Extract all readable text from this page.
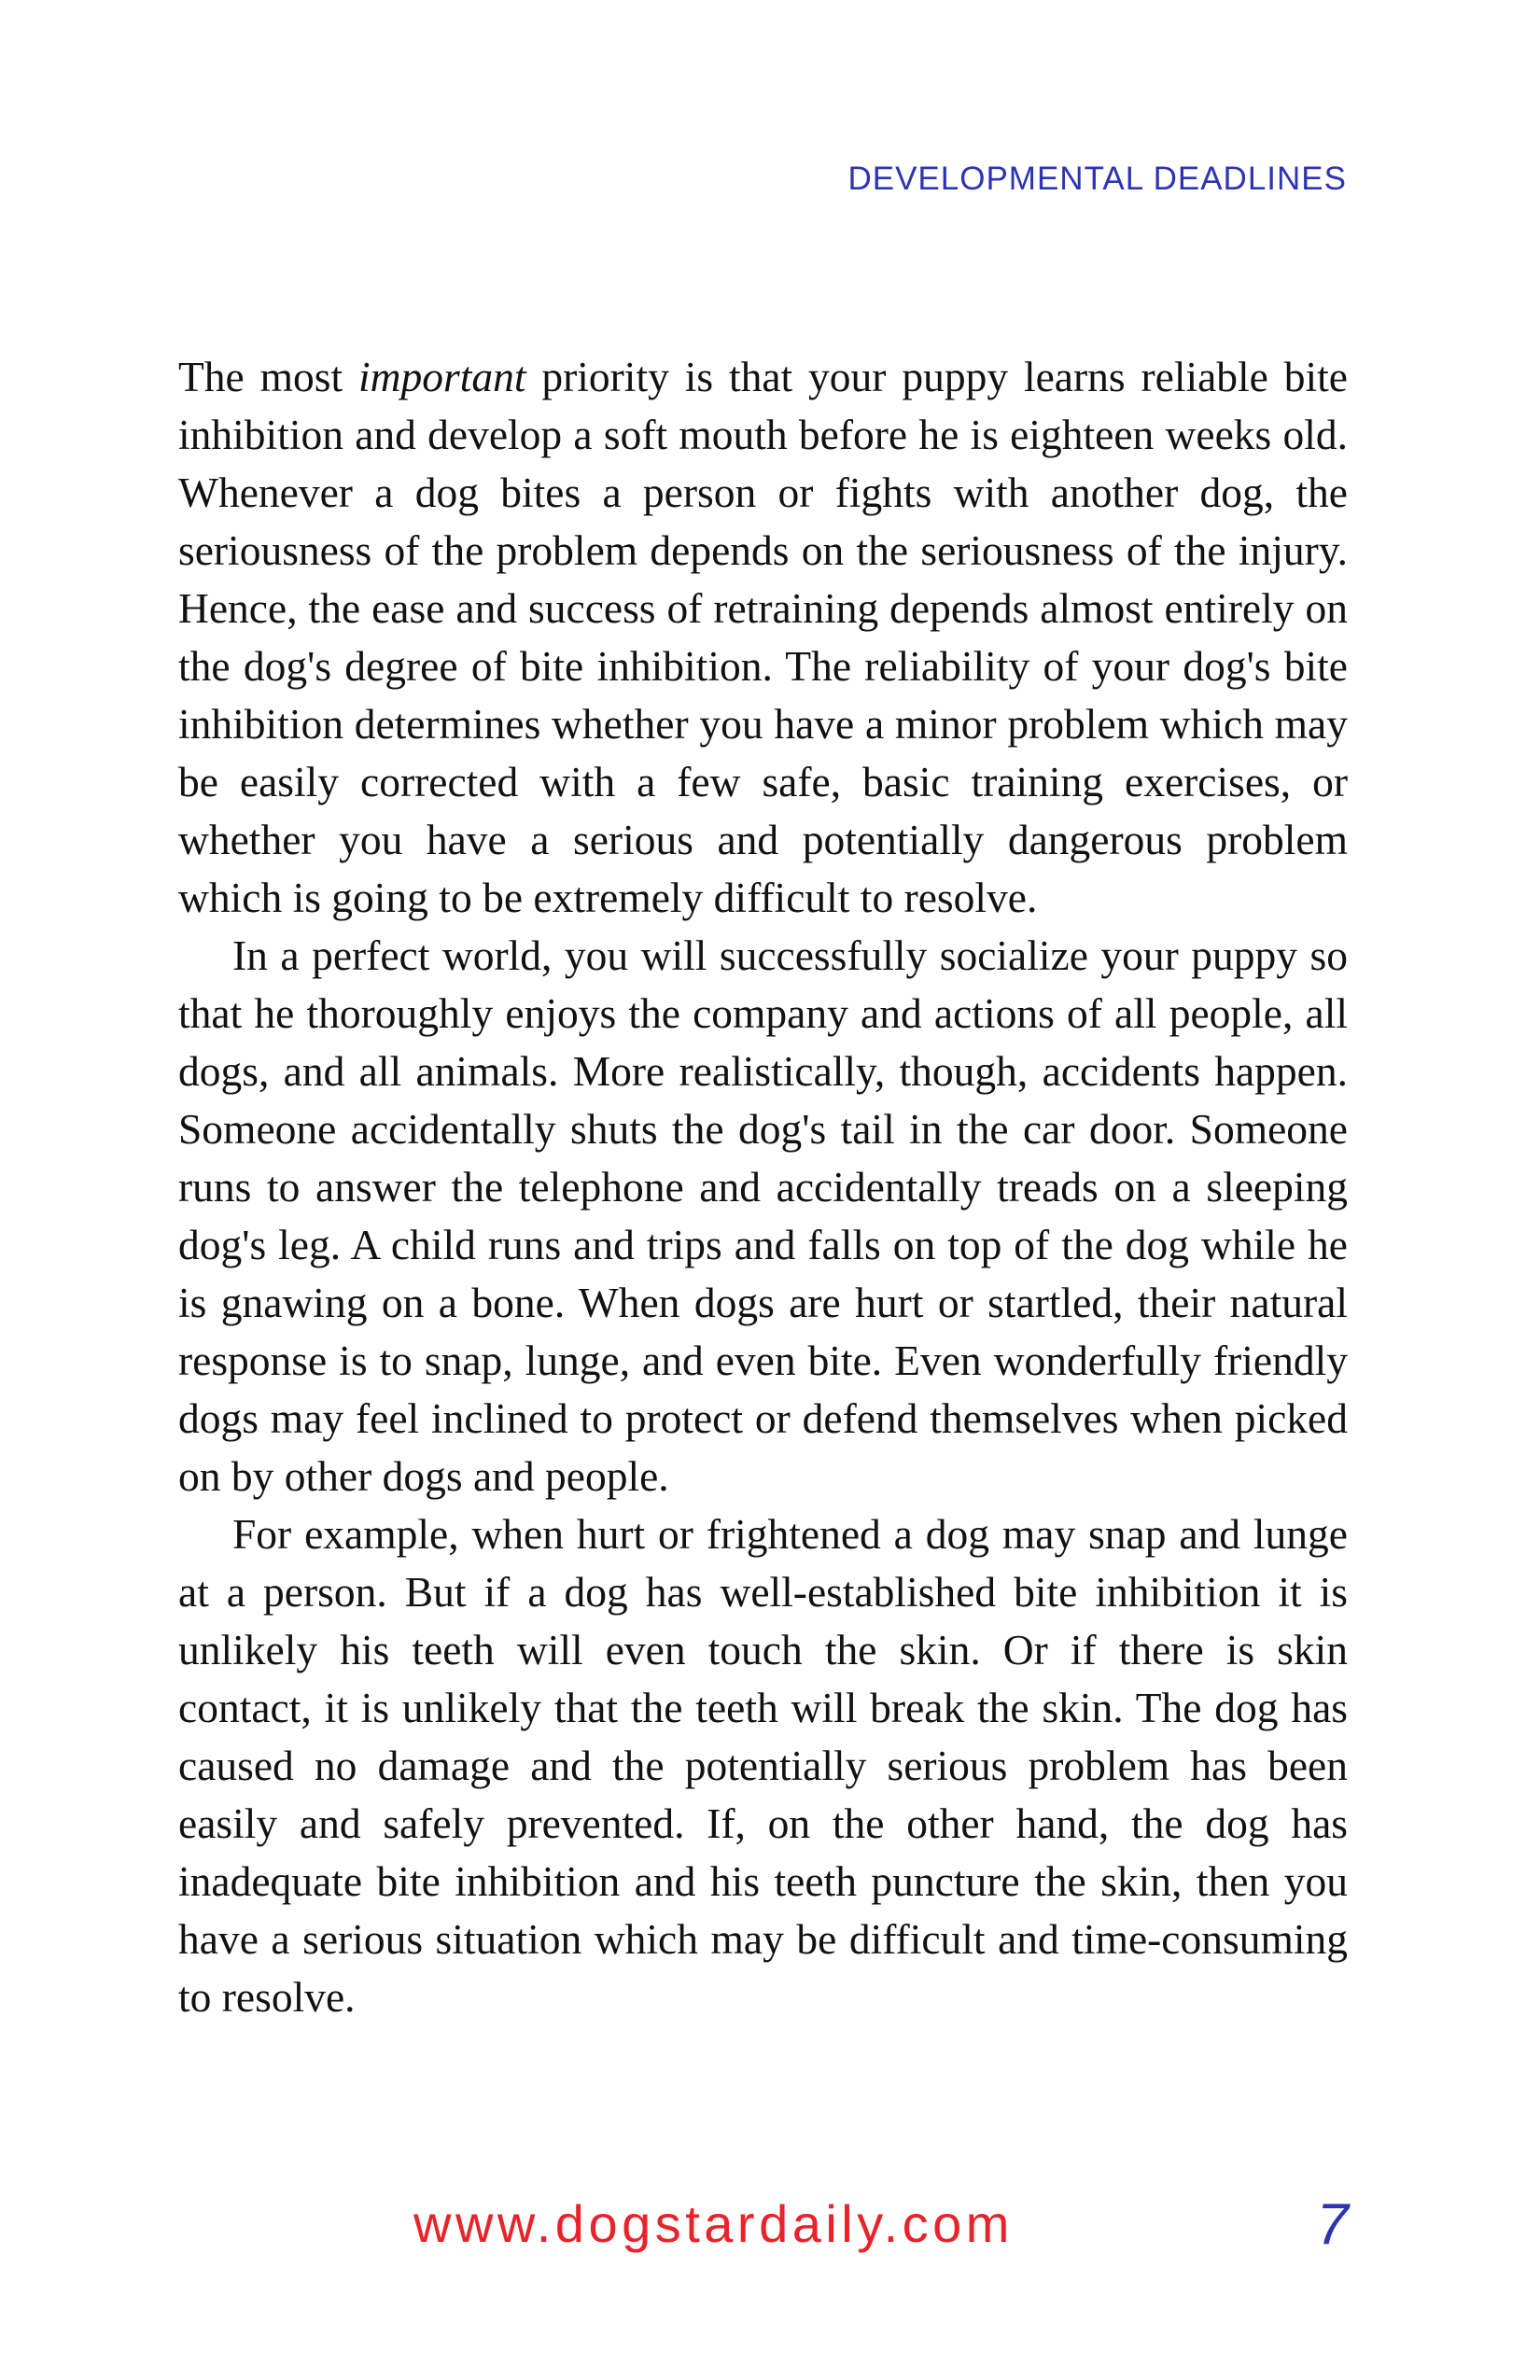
DEVELOPMENTAL DEADLINES

The most important priority is that your puppy learns reliable bite inhibition and develop a soft mouth before he is eighteen weeks old. Whenever a dog bites a person or fights with another dog, the seriousness of the problem depends on the seriousness of the injury. Hence, the ease and success of retraining depends almost entirely on the dog's degree of bite inhibition. The reliability of your dog's bite inhibition determines whether you have a minor problem which may be easily corrected with a few safe, basic training exercises, or whether you have a serious and potentially dangerous problem which is going to be extremely difficult to resolve.

In a perfect world, you will successfully socialize your puppy so that he thoroughly enjoys the company and actions of all people, all dogs, and all animals. More realistically, though, accidents happen. Someone accidentally shuts the dog's tail in the car door. Someone runs to answer the telephone and accidentally treads on a sleeping dog's leg. A child runs and trips and falls on top of the dog while he is gnawing on a bone. When dogs are hurt or startled, their natural response is to snap, lunge, and even bite. Even wonderfully friendly dogs may feel inclined to protect or defend themselves when picked on by other dogs and people.

For example, when hurt or frightened a dog may snap and lunge at a person. But if a dog has well-established bite inhibition it is unlikely his teeth will even touch the skin. Or if there is skin contact, it is unlikely that the teeth will break the skin. The dog has caused no damage and the potentially serious problem has been easily and safely prevented. If, on the other hand, the dog has inadequate bite inhibition and his teeth puncture the skin, then you have a serious situation which may be difficult and time-consuming to resolve.

www.dogstardaily.com	7
